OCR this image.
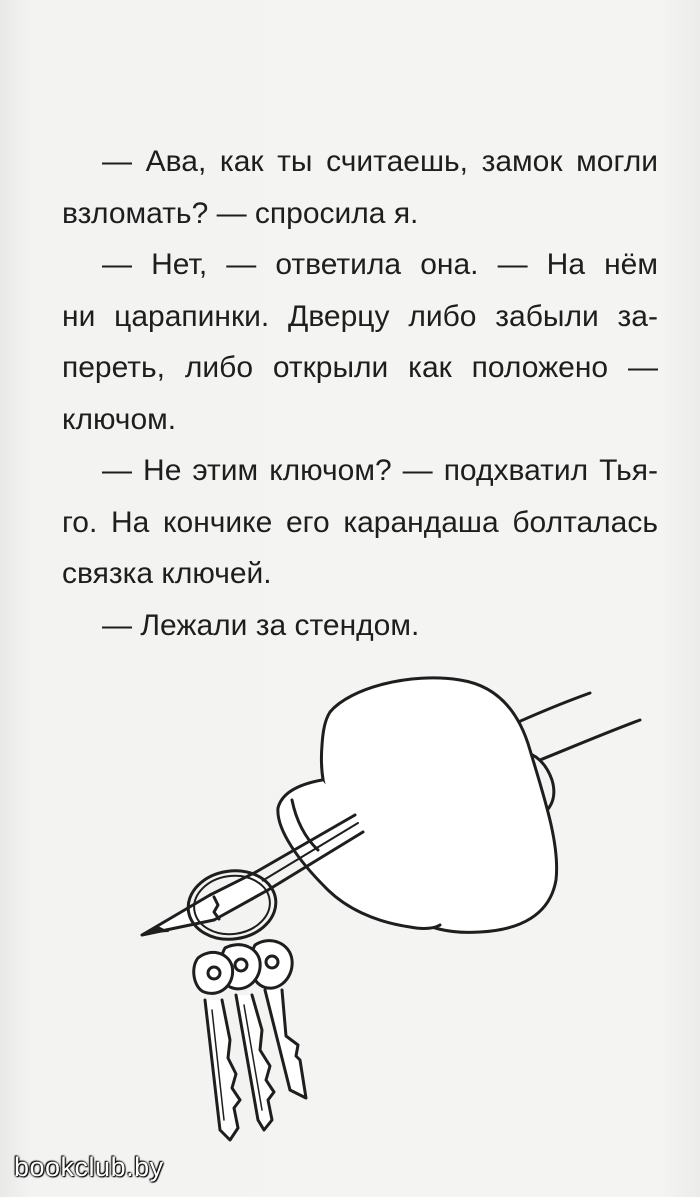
— Ава, как ты считаешь, замок могли
взломать? — спросила я.
— Нет, — ответила она. — На нём
ни царапинки. Дверцу либо забыли за-
переть, либо открыли как положено —
ключом.
— Не этим ключом? — подхватил Тья-
го. На кончике его карандаша болталась
связка ключей.
— Лежали за стендом.
bookclub.by
